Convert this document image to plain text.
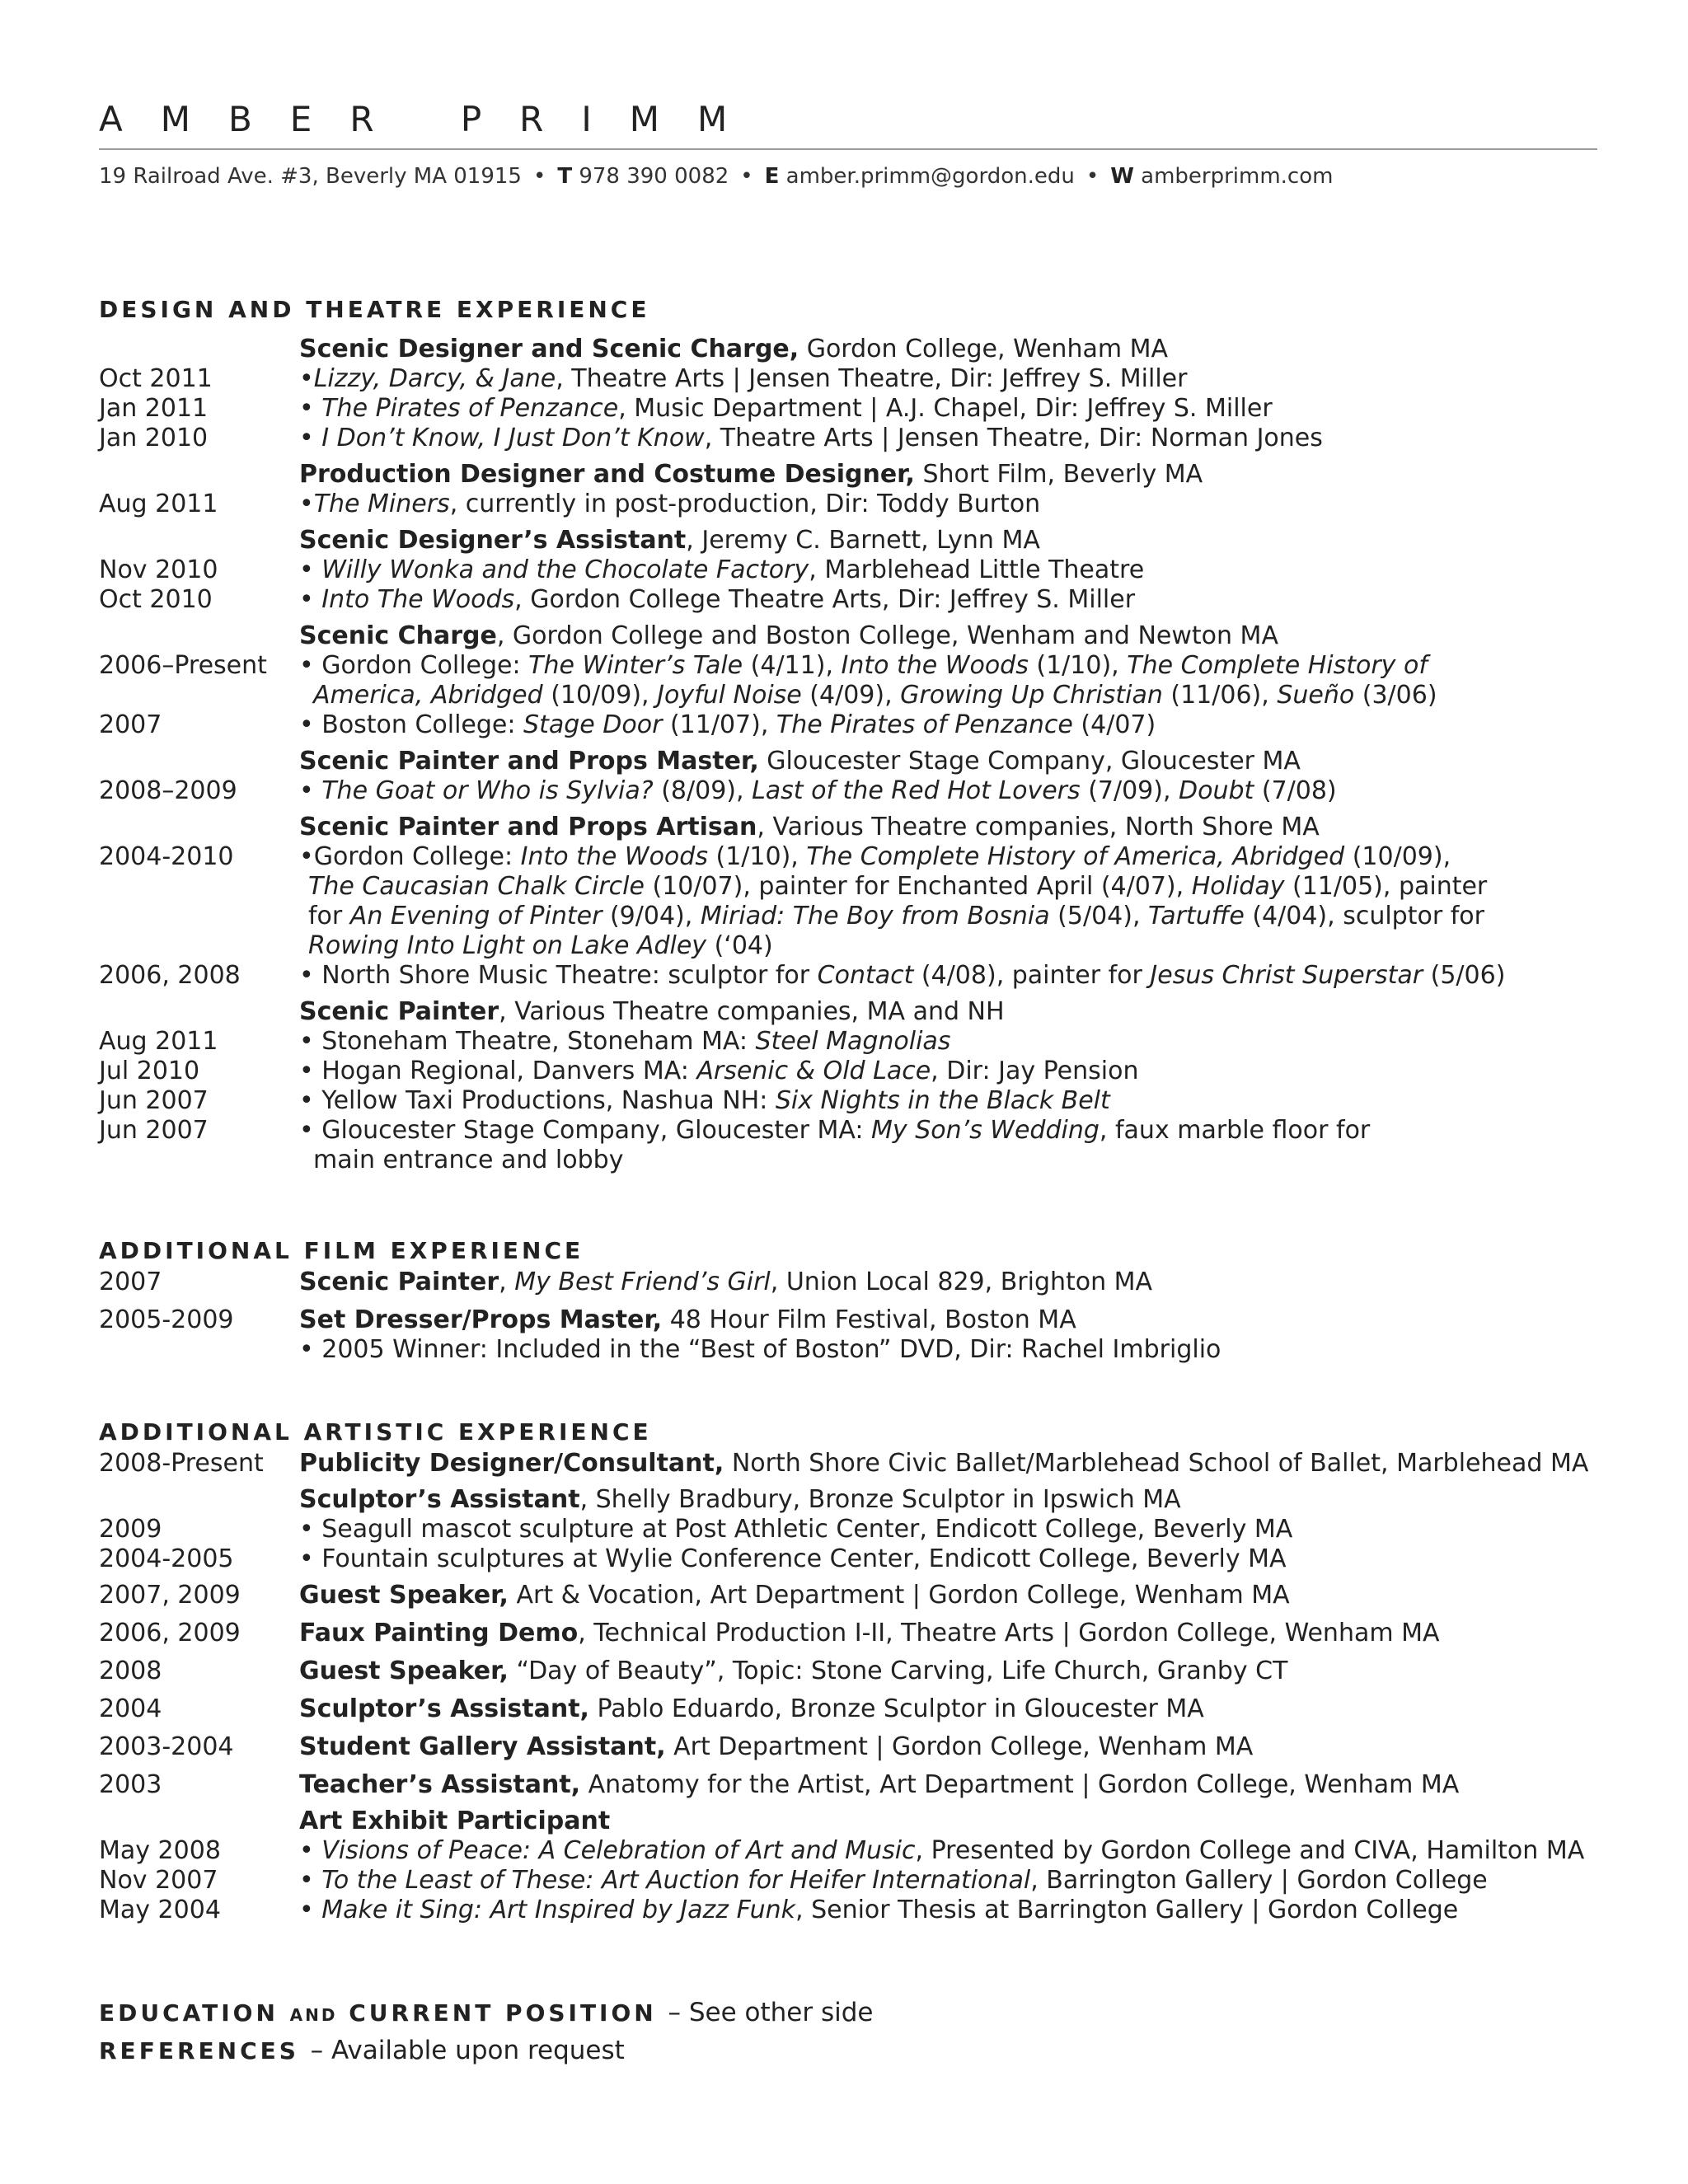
AMBER PRIMM
19 Railroad Ave. #3, Beverly MA 01915 • T 978 390 0082 • E amber.primm@gordon.edu • W amberprimm.com
DESIGN AND THEATRE EXPERIENCE
ADDITIONAL FILM EXPERIENCE
ADDITIONAL ARTISTIC EXPERIENCE
EDUCATION AND CURRENT POSITION – See other side
REFERENCES – Available upon request
Scenic Designer and Scenic Charge, Gordon College, Wenham MA
Oct 2011	•Lizzy, Darcy, & Jane, Theatre Arts | Jensen Theatre, Dir: Jeffrey S. Miller
Jan 2011	• The Pirates of Penzance, Music Department | A.J. Chapel, Dir: Jeffrey S. Miller
Jan 2010	• I Don’t Know, I Just Don’t Know, Theatre Arts | Jensen Theatre, Dir: Norman Jones
Production Designer and Costume Designer, Short Film, Beverly MA
Aug 2011	•The Miners, currently in post-production, Dir: Toddy Burton
Scenic Designer’s Assistant, Jeremy C. Barnett, Lynn MA
Nov 2010	• Willy Wonka and the Chocolate Factory, Marblehead Little Theatre
Oct 2010	• Into The Woods, Gordon College Theatre Arts, Dir: Jeffrey S. Miller
Scenic Charge, Gordon College and Boston College, Wenham and Newton MA
2006–Present • Gordon College: The Winter’s Tale (4/11), Into the Woods (1/10), The Complete History of
America, Abridged (10/09), Joyful Noise (4/09), Growing Up Christian (11/06), Sueño (3/06)
2007	• Boston College: Stage Door (11/07), The Pirates of Penzance (4/07)
Scenic Painter and Props Master, Gloucester Stage Company, Gloucester MA
2008–2009	• The Goat or Who is Sylvia? (8/09), Last of the Red Hot Lovers (7/09), Doubt (7/08)
Scenic Painter and Props Artisan, Various Theatre companies, North Shore MA
2004-2010	•Gordon College: Into the Woods (1/10), The Complete History of America, Abridged (10/09),
The Caucasian Chalk Circle (10/07), painter for Enchanted April (4/07), Holiday (11/05), painter
for An Evening of Pinter (9/04), Miriad: The Boy from Bosnia (5/04), Tartuffe (4/04), sculptor for
Rowing Into Light on Lake Adley (‘04)
2006, 2008 • North Shore Music Theatre: sculptor for Contact (4/08), painter for Jesus Christ Superstar (5/06)
Scenic Painter, Various Theatre companies, MA and NH
Aug 2011	• Stoneham Theatre, Stoneham MA: Steel Magnolias
Jul 2010	• Hogan Regional, Danvers MA: Arsenic & Old Lace, Dir: Jay Pension
Jun 2007	• Yellow Taxi Productions, Nashua NH: Six Nights in the Black Belt
Jun 2007	• Gloucester Stage Company, Gloucester MA: My Son’s Wedding, faux marble floor for
main entrance and lobby
2007	Scenic Painter, My Best Friend’s Girl, Union Local 829, Brighton MA
2005-2009	Set Dresser/Props Master, 48 Hour Film Festival, Boston MA
• 2005 Winner: Included in the “Best of Boston” DVD, Dir: Rachel Imbriglio
2008-Present Publicity Designer/Consultant, North Shore Civic Ballet/Marblehead School of Ballet, Marblehead MA
Sculptor’s Assistant, Shelly Bradbury, Bronze Sculptor in Ipswich MA
2009	• Seagull mascot sculpture at Post Athletic Center, Endicott College, Beverly MA
2004-2005	• Fountain sculptures at Wylie Conference Center, Endicott College, Beverly MA
2007, 2009 Guest Speaker, Art & Vocation, Art Department | Gordon College, Wenham MA
2006, 2009 Faux Painting Demo, Technical Production I-II, Theatre Arts | Gordon College, Wenham MA
2008	Guest Speaker, “Day of Beauty”, Topic: Stone Carving, Life Church, Granby CT
2004	Sculptor’s Assistant, Pablo Eduardo, Bronze Sculptor in Gloucester MA
2003-2004	Student Gallery Assistant, Art Department | Gordon College, Wenham MA
2003	Teacher’s Assistant, Anatomy for the Artist, Art Department | Gordon College, Wenham MA
Art Exhibit Participant
May 2008	• Visions of Peace: A Celebration of Art and Music, Presented by Gordon College and CIVA, Hamilton MA
Nov 2007	• To the Least of These: Art Auction for Heifer International, Barrington Gallery | Gordon College
May 2004	• Make it Sing: Art Inspired by Jazz Funk, Senior Thesis at Barrington Gallery | Gordon College
